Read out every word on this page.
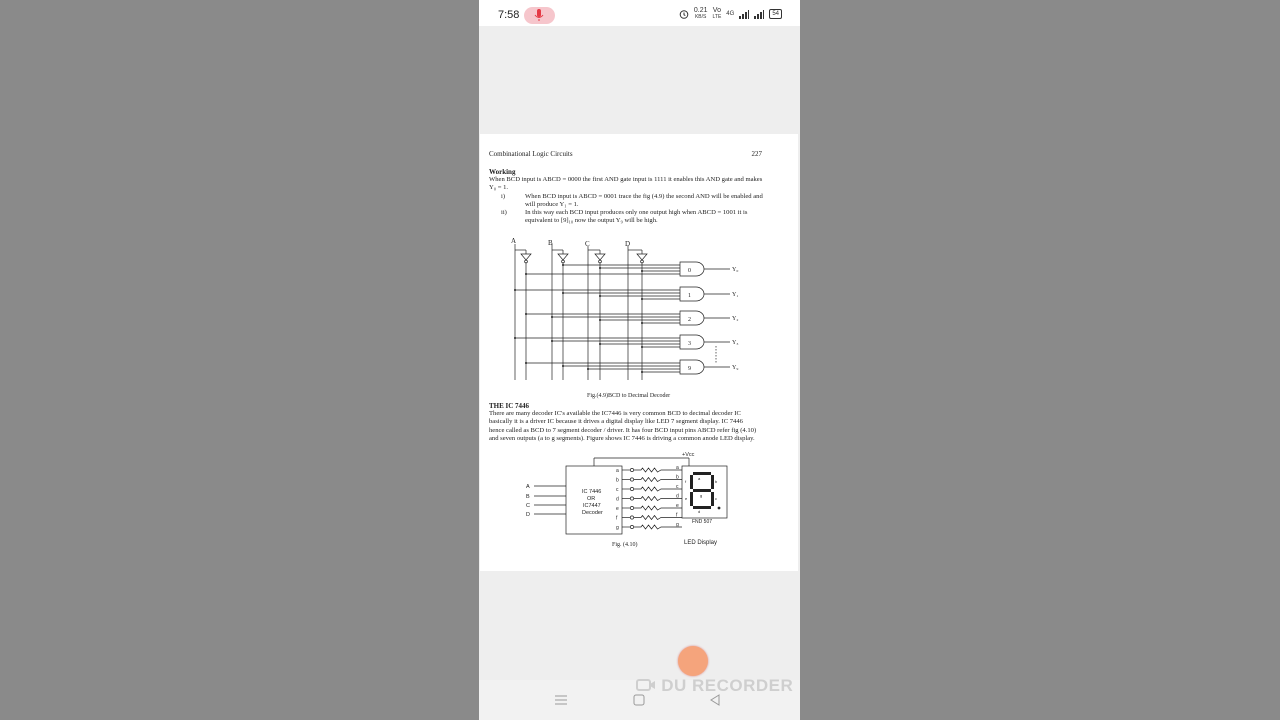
7:58	0.21
KB/S
Vo
LTE 4G	54
Combinational Logic Circuits	227
Working
When BCD input is ABCD = 0000 the first AND gate input is 1111 it enables this AND gate and makes Y₀ = 1.
i)	When BCD input is ABCD = 0001 trace the fig (4.9) the second AND will be enabled and will produce Y₁ = 1.
ii)	In this way each BCD input produces only one output high when ABCD = 1001 it is equivalent to [9]₁₀ now the output Y₉ will be high.
A	B	C	D
0
1
2
3
9
Y₀
Y₁
Y₂
Y₃
Y₉
Fig.(4.9)BCD to Decimal Decoder
THE IC 7446
There are many decoder IC's available the IC7446 is very common BCD to decimal decoder IC basically it is a driver IC because it drives a digital display like LED 7 segment display. IC 7446 hence called as BCD to 7 segment decoder / driver. It has four BCD input pins ABCD refer fig (4.10) and seven outputs (a to g segments). Figure shows IC 7446 is driving a common anode LED display.
+Vcc
A
B
C
D
IC 7446
OR
IC7447
Decoder
FND 507
LED Display
a
b
c
d
e
f
g
a	a
b	b
c	c
d	d
e	e
f	f
g	g
Fig. (4.10)
DU RECORDER
